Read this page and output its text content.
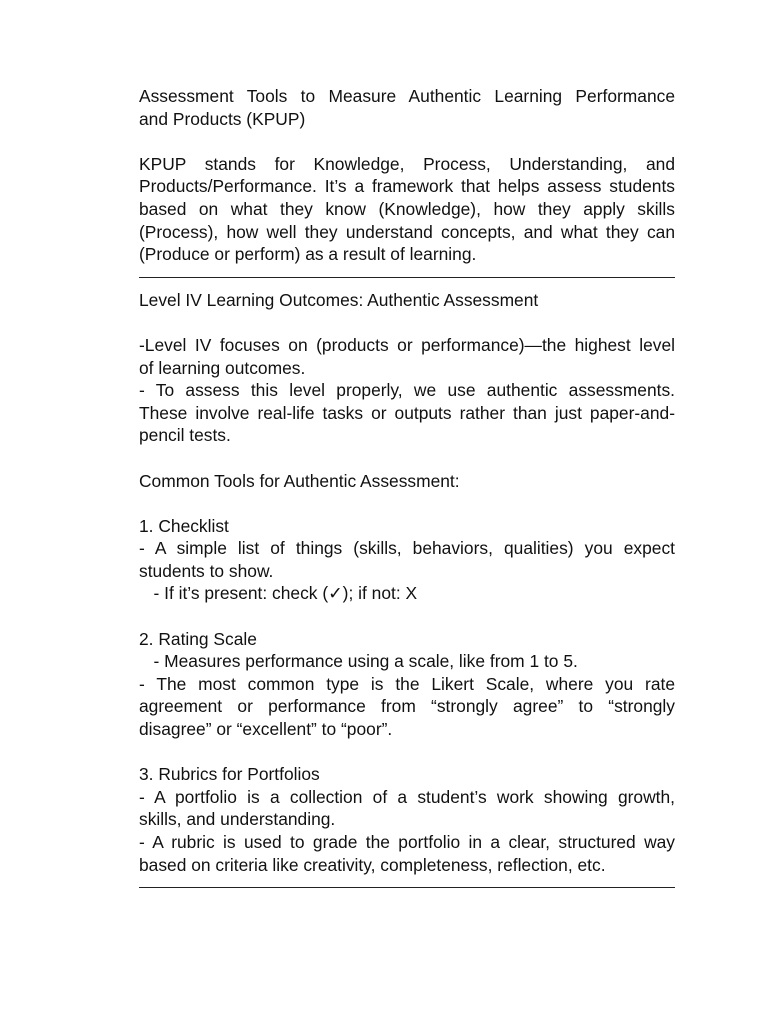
Assessment Tools to Measure Authentic Learning Performance
and Products (KPUP)
KPUP stands for Knowledge, Process, Understanding, and
Products/Performance. It’s a framework that helps assess students
based on what they know (Knowledge), how they apply skills
(Process), how well they understand concepts, and what they can
(Produce or perform) as a result of learning.
Level IV Learning Outcomes: Authentic Assessment
-Level IV focuses on (products or performance)—the highest level
of learning outcomes.
- To assess this level properly, we use authentic assessments.
These involve real-life tasks or outputs rather than just paper-and-
pencil tests.
Common Tools for Authentic Assessment:
1. Checklist
- A simple list of things (skills, behaviors, qualities) you expect
students to show.
- If it’s present: check (✓); if not: X
2. Rating Scale
- Measures performance using a scale, like from 1 to 5.
- The most common type is the Likert Scale, where you rate
agreement or performance from “strongly agree” to “strongly
disagree” or “excellent” to “poor”.
3. Rubrics for Portfolios
- A portfolio is a collection of a student’s work showing growth,
skills, and understanding.
- A rubric is used to grade the portfolio in a clear, structured way
based on criteria like creativity, completeness, reflection, etc.
